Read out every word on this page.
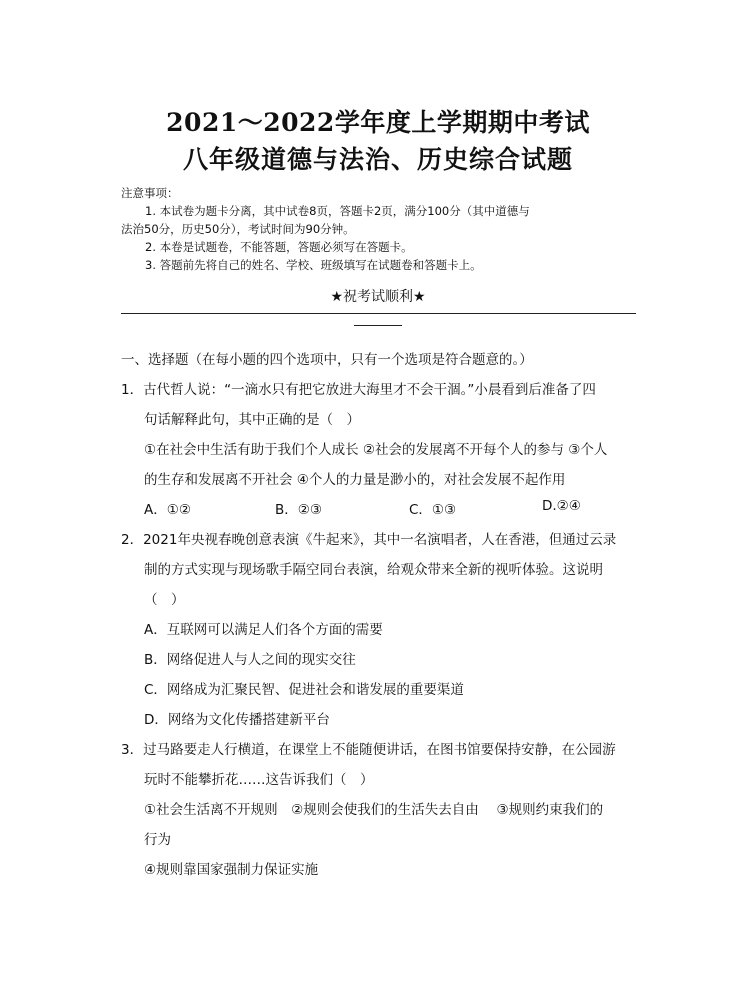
2021～2022学年度上学期期中考试
八年级道德与法治、历史综合试题
注意事项：
1. 本试卷为题卡分离，其中试卷8页，答题卡2页，满分100分（其中道德与
法治50分，历史50分），考试时间为90分钟。
2. 本卷是试题卷，不能答题，答题必须写在答题卡。
3. 答题前先将自己的姓名、学校、班级填写在试题卷和答题卡上。
★祝考试顺利★
一、选择题（在每小题的四个选项中，只有一个选项是符合题意的。）
1．古代哲人说：“一滴水只有把它放进大海里才不会干涸。”小晨看到后准备了四
句话解释此句，其中正确的是（　）
①在社会中生活有助于我们个人成长 ②社会的发展离不开每个人的参与 ③个人
的生存和发展离不开社会 ④个人的力量是渺小的，对社会发展不起作用
A．①②	B．②③	C．①③	D.②④
2．2021年央视春晚创意表演《牛起来》，其中一名演唱者，人在香港，但通过云录
制的方式实现与现场歌手隔空同台表演，给观众带来全新的视听体验。这说明
（　）
A．互联网可以满足人们各个方面的需要
B．网络促进人与人之间的现实交往
C．网络成为汇聚民智、促进社会和谐发展的重要渠道
D．网络为文化传播搭建新平台
3．过马路要走人行横道，在课堂上不能随便讲话，在图书馆要保持安静，在公园游
玩时不能攀折花……这告诉我们（　）
①社会生活离不开规则　②规则会使我们的生活失去自由　 ③规则约束我们的
行为
④规则靠国家强制力保证实施
